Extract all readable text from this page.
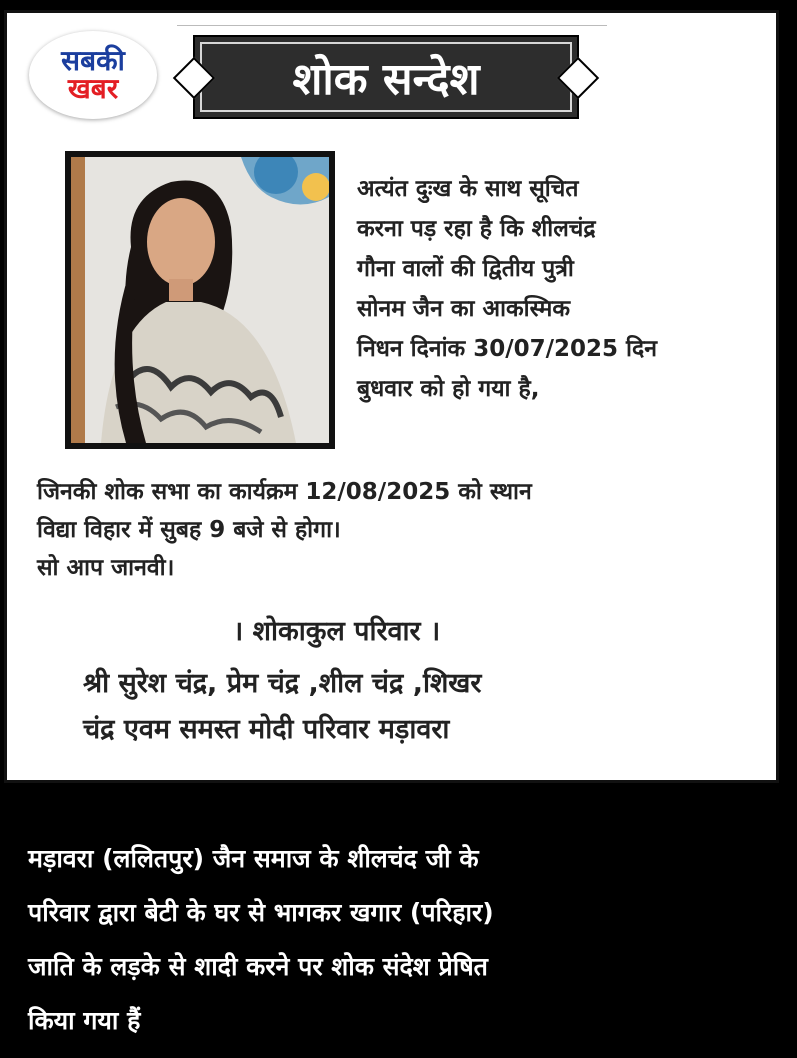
सबकी
खबर	शोक सन्देश

अत्यंत दुःख के साथ सूचित
करना पड़ रहा है कि शीलचंद्र
गौना वालों की द्वितीय पुत्री
सोनम जैन का आकस्मिक
निधन दिनांक 30/07/2025 दिन
बुधवार को हो गया है,

जिनकी शोक सभा का कार्यक्रम 12/08/2025 को स्थान
विद्या विहार में सुबह 9 बजे से होगा।
सो आप जानवी।

। शोकाकुल परिवार ।
श्री सुरेश चंद्र, प्रेम चंद्र ,शील चंद्र ,शिखर
चंद्र एवम समस्त मोदी परिवार मड़ावरा

मड़ावरा (ललितपुर) जैन समाज के शीलचंद जी के
परिवार द्वारा बेटी के घर से भागकर खगार (परिहार)
जाति के लड़के से शादी करने पर शोक संदेश प्रेषित
किया गया हैं
